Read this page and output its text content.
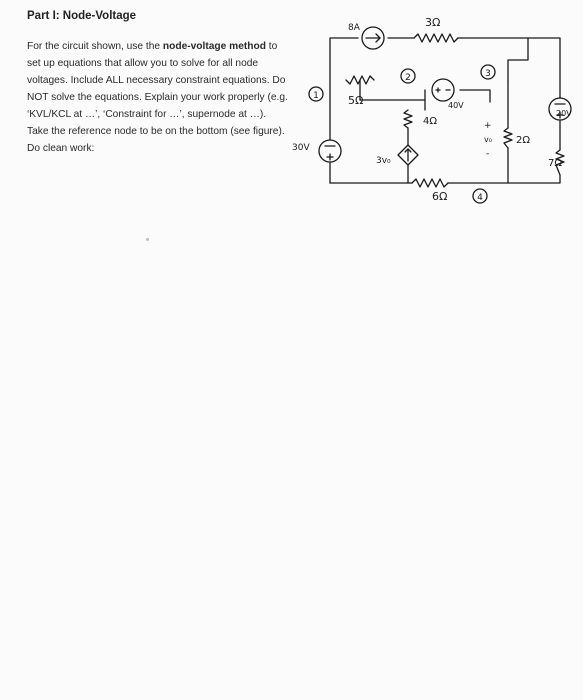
Part I: Node-Voltage

For the circuit shown, use the node-voltage method to set up equations that allow you to solve for all node voltages. Include ALL necessary constraint equations. Do NOT solve the equations. Explain your work properly (e.g. ‘KVL/KCL at …’, ‘Constraint for …’, supernode at …). Take the reference node to be on the bottom (see figure). Do clean work:

1
2	3
4
8A	3Ω
5Ω
4Ω
40V
30V
3v₀
2Ω
v₀
+
-
6Ω
20V
7Ω
